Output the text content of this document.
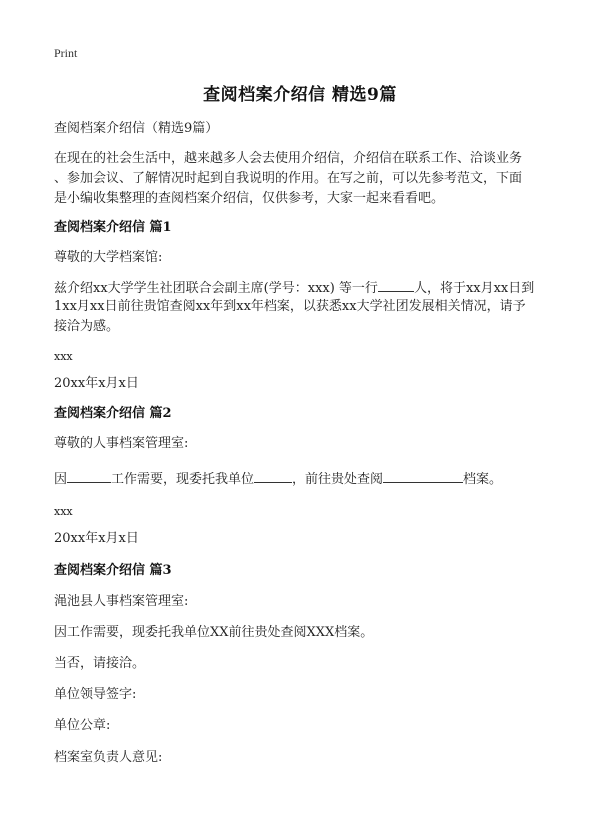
Print
查阅档案介绍信 精选9篇
查阅档案介绍信（精选9篇）
在现在的社会生活中，越来越多人会去使用介绍信，介绍信在联系工作、洽谈业务
、参加会议、了解情况时起到自我说明的作用。在写之前，可以先参考范文，下面
是小编收集整理的查阅档案介绍信，仅供参考，大家一起来看看吧。
查阅档案介绍信 篇1
尊敬的大学档案馆:
兹介绍xx大学学生社团联合会副主席(学号：xxx) 等一行	人，将于xx月xx日到
1xx月xx日前往贵馆查阅xx年到xx年档案，以获悉xx大学社团发展相关情况，请予
接洽为感。
xxx
20xx年x月x日
查阅档案介绍信 篇2
尊敬的人事档案管理室:
因	工作需要，现委托我单位	，前往贵处查阅	档案。
xxx
20xx年x月x日
查阅档案介绍信 篇3
渑池县人事档案管理室:
因工作需要，现委托我单位XX前往贵处查阅XXX档案。
当否，请接洽。
单位领导签字:
单位公章:
档案室负责人意见:
